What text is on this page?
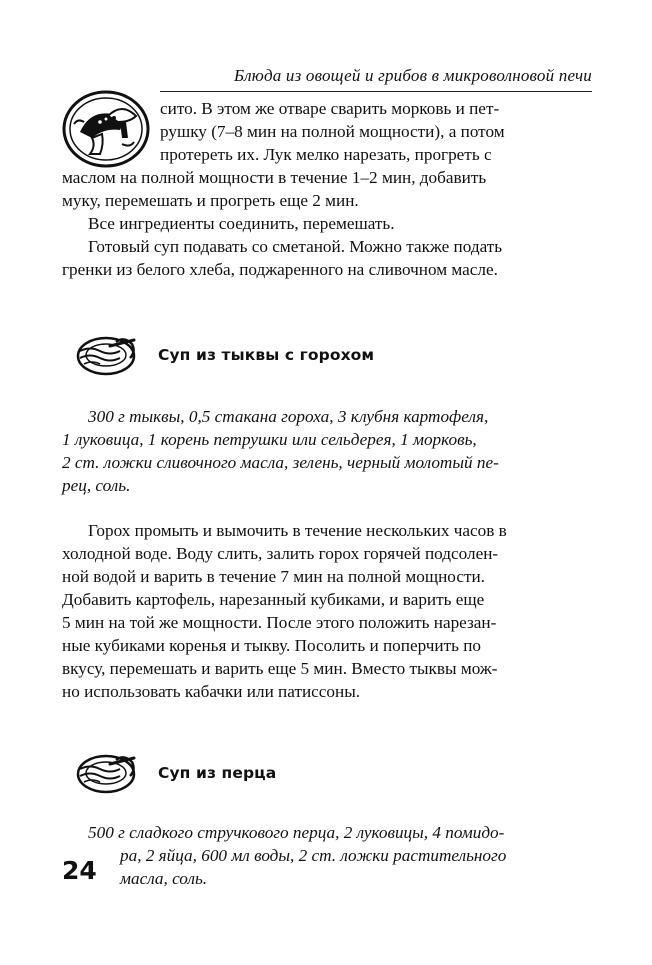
Блюда из овощей и грибов в микроволновой печи

сито. В этом же отваре сварить морковь и пет-

рушку (7–8 мин на полной мощности), а потом

протереть их. Лук мелко нарезать, прогреть с

маслом на полной мощности в течение 1–2 мин, добавить

муку, перемешать и прогреть еще 2 мин.

Все ингредиенты соединить, перемешать.

Готовый суп подавать со сметаной. Можно также подать

гренки из белого хлеба, поджаренного на сливочном масле.

Суп из тыквы с горохом

300 г тыквы, 0,5 стакана гороха, 3 клубня картофеля,

1 луковица, 1 корень петрушки или сельдерея, 1 морковь,

2 ст. ложки сливочного масла, зелень, черный молотый пе-

рец, соль.

Горох промыть и вымочить в течение нескольких часов в

холодной воде. Воду слить, залить горох горячей подсолен-

ной водой и варить в течение 7 мин на полной мощности.

Добавить картофель, нарезанный кубиками, и варить еще

5 мин на той же мощности. После этого положить нарезан-

ные кубиками коренья и тыкву. Посолить и поперчить по

вкусу, перемешать и варить еще 5 мин. Вместо тыквы мож-

но использовать кабачки или патиссоны.

Суп из перца

500 г сладкого стручкового перца, 2 луковицы, 4 помидо-

ра, 2 яйца, 600 мл воды, 2 ст. ложки растительного

масла, соль.

24
